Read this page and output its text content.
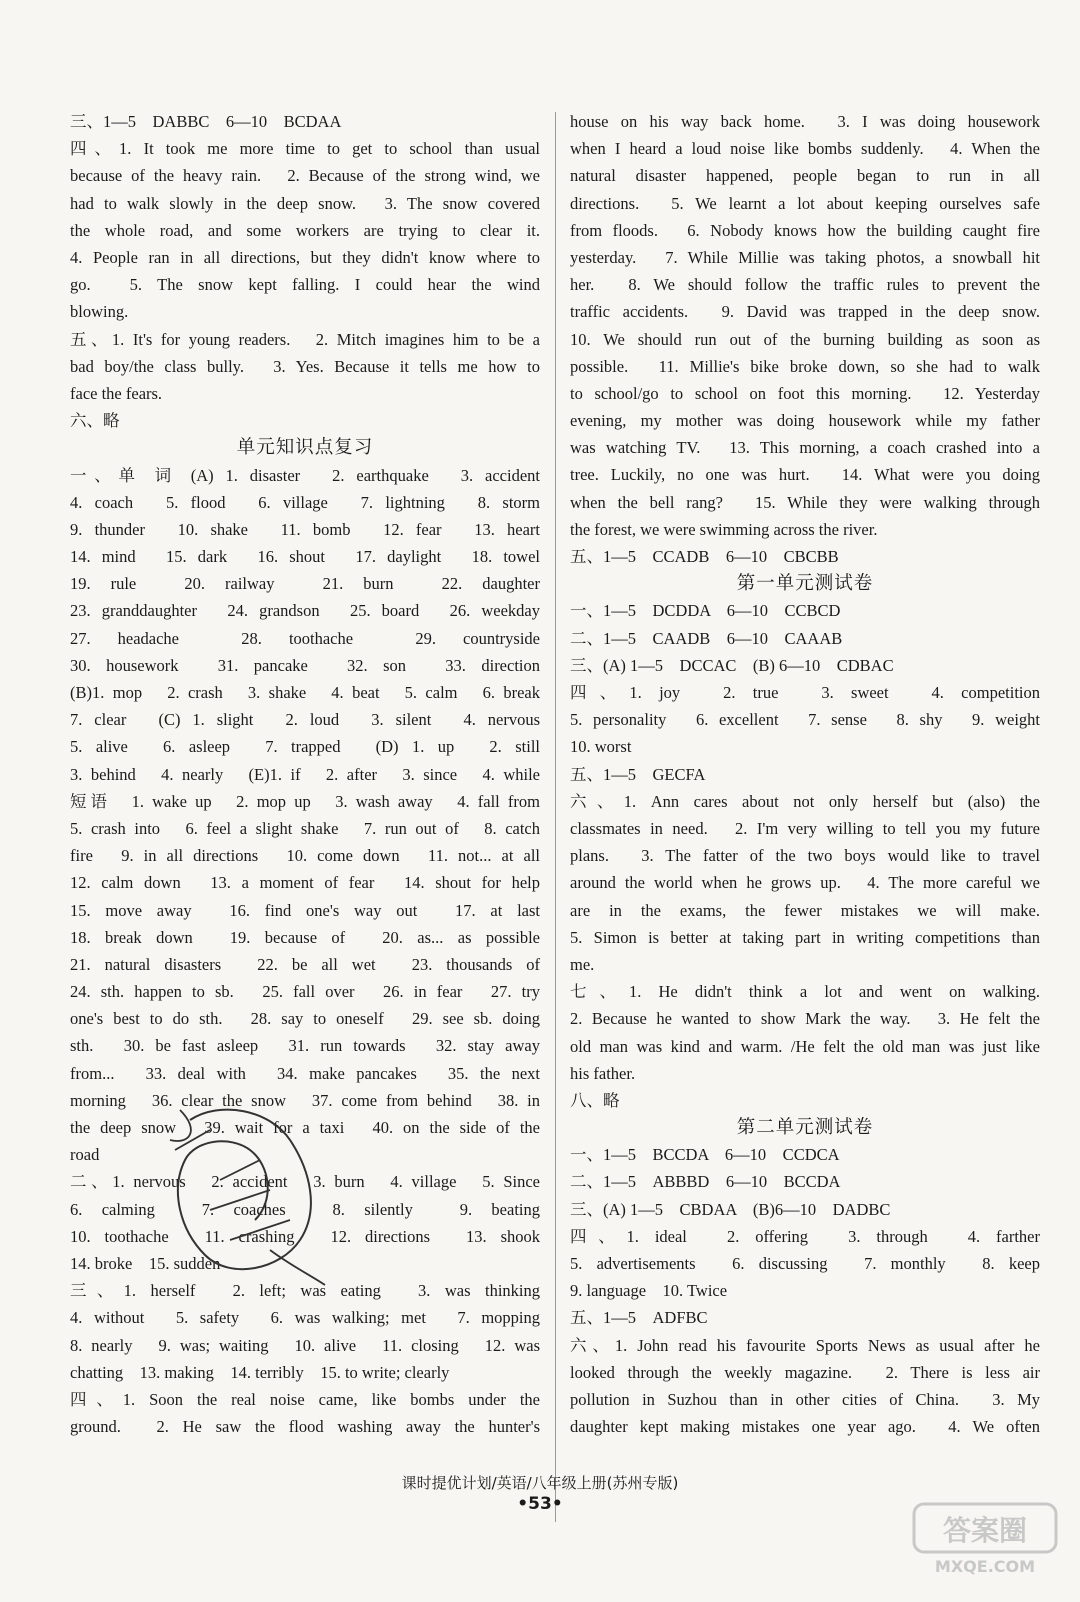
三、1—5　DABBC　6—10　BCDAA
四、1. It took me more time to get to school than usual
because of the heavy rain.　2. Because of the strong wind, we
had to walk slowly in the deep snow.　3. The snow covered
the whole road, and some workers are trying to clear it.
4. People ran in all directions, but they didn't know where to
go.　5. The snow kept falling. I could hear the wind
blowing.
五、1. It's for young readers.　2. Mitch imagines him to be a
bad boy/the class bully.　3. Yes. Because it tells me how to
face the fears.
六、略
单元知识点复习
一、单 词 (A) 1. disaster　2. earthquake　3. accident
4. coach　5. flood　6. village　7. lightning　8. storm
9. thunder　10. shake　11. bomb　12. fear　13. heart
14. mind　15. dark　16. shout　17. daylight　18. towel
19. rule　20. railway　21. burn　22. daughter
23. granddaughter　24. grandson　25. board　26. weekday
27. headache　28. toothache　29. countryside
30. housework　31. pancake　32. son　33. direction
(B)1. mop　2. crash　3. shake　4. beat　5. calm　6. break
7. clear　(C) 1. slight　2. loud　3. silent　4. nervous
5. alive　6. asleep　7. trapped　(D) 1. up　2. still
3. behind　4. nearly　(E)1. if　2. after　3. since　4. while
短语　1. wake up　2. mop up　3. wash away　4. fall from
5. crash into　6. feel a slight shake　7. run out of　8. catch
fire　9. in all directions　10. come down　11. not... at all
12. calm down　13. a moment of fear　14. shout for help
15. move away　16. find one's way out　17. at last
18. break down　19. because of　20. as... as possible
21. natural disasters　22. be all wet　23. thousands of
24. sth. happen to sb.　25. fall over　26. in fear　27. try
one's best to do sth.　28. say to oneself　29. see sb. doing
sth.　30. be fast asleep　31. run towards　32. stay away
from...　33. deal with　34. make pancakes　35. the next
morning　36. clear the snow　37. come from behind　38. in
the deep snow　39. wait for a taxi　40. on the side of the
road
二、1. nervous　2. accident　3. burn　4. village　5. Since
6. calming　7. coaches　8. silently　9. beating
10. toothache　11. crashing　12. directions　13. shook
14. broke　15. sudden
三、1. herself　2. left; was eating　3. was thinking
4. without　5. safety　6. was walking; met　7. mopping
8. nearly　9. was; waiting　10. alive　11. closing　12. was
chatting　13. making　14. terribly　15. to write; clearly
四、1. Soon the real noise came, like bombs under the
ground.　2. He saw the flood washing away the hunter's
house on his way back home.　3. I was doing housework
when I heard a loud noise like bombs suddenly.　4. When the
natural disaster happened, people began to run in all
directions.　5. We learnt a lot about keeping ourselves safe
from floods.　6. Nobody knows how the building caught fire
yesterday.　7. While Millie was taking photos, a snowball hit
her.　8. We should follow the traffic rules to prevent the
traffic accidents.　9. David was trapped in the deep snow.
10. We should run out of the burning building as soon as
possible.　11. Millie's bike broke down, so she had to walk
to school/go to school on foot this morning.　12. Yesterday
evening, my mother was doing housework while my father
was watching TV.　13. This morning, a coach crashed into a
tree. Luckily, no one was hurt.　14. What were you doing
when the bell rang?　15. While they were walking through
the forest, we were swimming across the river.
五、1—5　CCADB　6—10　CBCBB
第一单元测试卷
一、1—5　DCDDA　6—10　CCBCD
二、1—5　CAADB　6—10　CAAAB
三、(A) 1—5　DCCAC　(B) 6—10　CDBAC
四、1. joy　2. true　3. sweet　4. competition
5. personality　6. excellent　7. sense　8. shy　9. weight
10. worst
五、1—5　GECFA
六、1. Ann cares about not only herself but (also) the
classmates in need.　2. I'm very willing to tell you my future
plans.　3. The fatter of the two boys would like to travel
around the world when he grows up.　4. The more careful we
are in the exams, the fewer mistakes we will make.
5. Simon is better at taking part in writing competitions than
me.
七、1. He didn't think a lot and went on walking.
2. Because he wanted to show Mark the way.　3. He felt the
old man was kind and warm. /He felt the old man was just like
his father.
八、略
第二单元测试卷
一、1—5　BCCDA　6—10　CCDCA
二、1—5　ABBBD　6—10　BCCDA
三、(A) 1—5　CBDAA　(B)6—10　DADBC
四、1. ideal　2. offering　3. through　4. farther
5. advertisements　6. discussing　7. monthly　8. keep
9. language　10. Twice
五、1—5　ADFBC
六、1. John read his favourite Sports News as usual after he
looked through the weekly magazine.　2. There is less air
pollution in Suzhou than in other cities of China.　3. My
daughter kept making mistakes one year ago.　4. We often
课时提优计划/英语/八年级上册(苏州专版)
•53•
答案圈
MXQE.COM
